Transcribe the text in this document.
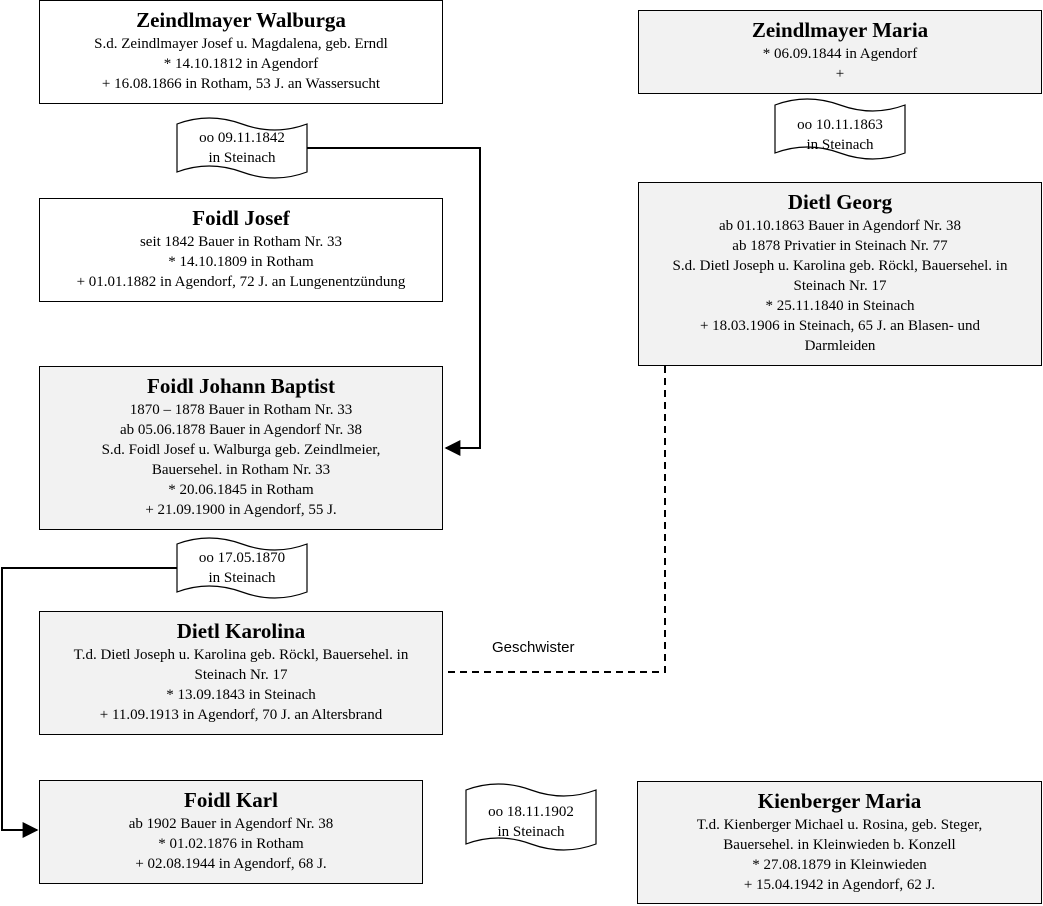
Zeindlmayer Walburga
S.d. Zeindlmayer Josef u. Magdalena, geb. Erndl
* 14.10.1812 in Agendorf
+ 16.08.1866 in Rotham, 53 J. an Wassersucht
Foidl Josef
seit 1842 Bauer in Rotham Nr. 33
* 14.10.1809 in Rotham
+ 01.01.1882 in Agendorf, 72 J. an Lungenentzündung
Foidl Johann Baptist
1870 – 1878 Bauer in Rotham Nr. 33
ab 05.06.1878 Bauer in Agendorf Nr. 38
S.d. Foidl Josef u. Walburga geb. Zeindlmeier,
Bauersehel. in Rotham Nr. 33
* 20.06.1845 in Rotham
+ 21.09.1900 in Agendorf, 55 J.
Dietl Karolina
T.d. Dietl Joseph u. Karolina geb. Röckl, Bauersehel. in
Steinach Nr. 17
* 13.09.1843 in Steinach
+ 11.09.1913 in Agendorf, 70 J. an Altersbrand
Foidl Karl
ab 1902 Bauer in Agendorf Nr. 38
* 01.02.1876 in Rotham
+ 02.08.1944 in Agendorf, 68 J.
Zeindlmayer Maria
* 06.09.1844 in Agendorf
+
Dietl Georg
ab 01.10.1863 Bauer in Agendorf Nr. 38
ab 1878 Privatier in Steinach Nr. 77
S.d. Dietl Joseph u. Karolina geb. Röckl, Bauersehel. in
Steinach Nr. 17
* 25.11.1840 in Steinach
+ 18.03.1906 in Steinach, 65 J. an Blasen- und
Darmleiden
Kienberger Maria
T.d. Kienberger Michael u. Rosina, geb. Steger,
Bauersehel. in Kleinwieden b. Konzell
* 27.08.1879 in Kleinwieden
+ 15.04.1942 in Agendorf, 62 J.
oo 09.11.1842
in Steinach
oo 10.11.1863
in Steinach
oo 17.05.1870
in Steinach
oo 18.11.1902
in Steinach
Geschwister
